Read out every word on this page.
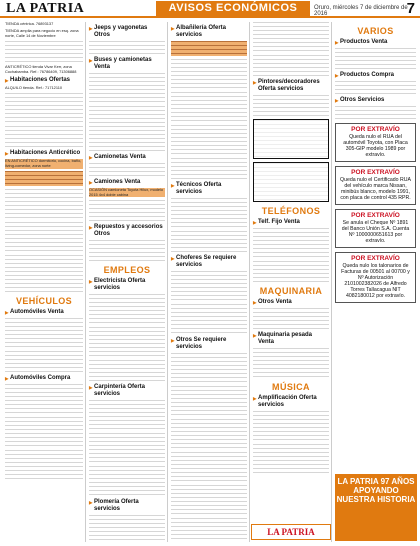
LA PATRIA	AVISOS ECONÓMICOS	Oruro, miércoles 7 de diciembre de 2016	7
TIENDA céntrica. 76893137
TIENDA amplia para negocio en esq. zona norte, Calle 14 de Noviembre
ANTICRÉTICO tienda Vivar Kerr, zona Cochabamba. Ref.: 76786409, 71306888
▶ Habitaciones Ofertas
ALQUILO tienda. Ref.: 71712110
▶ Habitaciones Anticrético
EN ANTICRÉTICO dormitorio, cocina, baño, living-comedor, zona norte
VEHÍCULOS
▶ Automóviles Venta
▶ Automóviles Compra
▶ Jeeps y vagonetas Otros
▶ Buses y camionetas Venta
▶ Camionetas Venta
▶ Camiones Venta
OCASIÓN camioneta Toyota Hilux, modelo 2015 4x4 doble cabina
▶ Repuestos y accesorios Otros
EMPLEOS
▶ Electricista Oferta servicios
▶ Carpintería Oferta servicios
▶ Plomería Oferta servicios
▶ Albañilería Oferta servicios
▶ Técnicos Oferta servicios
▶ Choferes Se requiere servicios
▶ Otros Se requiere servicios
▶ Pintores/decoradores Oferta servicios
TELÉFONOS
▶ Telf. Fijo Venta
MAQUINARIA
▶ Otros Venta
▶ Maquinaria pesada Venta
MÚSICA
▶ Amplificación Oferta servicios
LA PATRIA
VARIOS
▶ Productos Venta
▶ Productos Compra
▶ Otros Servicios
POR EXTRAVÍO
Queda nulo el RUA del automóvil Toyota, con Placa 305-GIP modelo 1989 por extravío.
POR EXTRAVÍO
Queda nulo el Certificado RUA del vehículo marca Nissan, minibús blanco, modelo 1991, con placa de control 435 RPR.
POR EXTRAVÍO
Se anula el Cheque Nº 1891 del Banco Unión S.A. Cuenta Nº 1000000651613 por extravío.
POR EXTRAVÍO
Queda nulo los talonarios de Facturas de 00501 al 00700 y Nº Autorización 2101002382026 de Alfredo Torres Tallacagua NIT 4082180012 por extravío.
LA PATRIA 97 AÑOS APOYANDO NUESTRA HISTORIA
